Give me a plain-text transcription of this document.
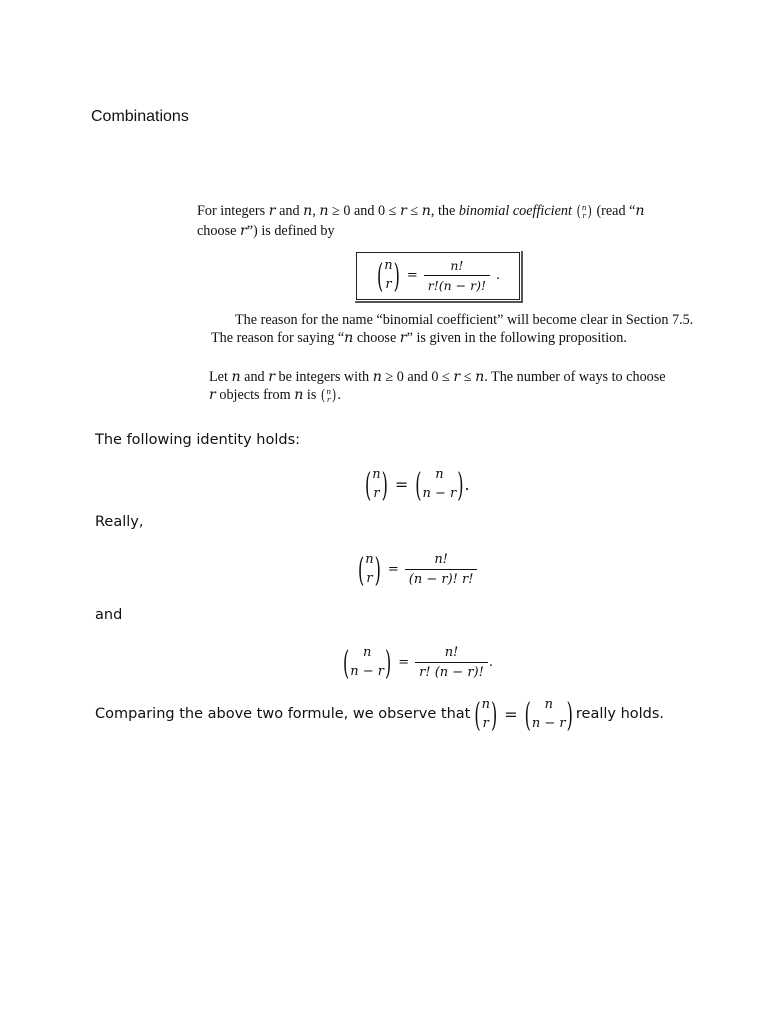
Combinations
For integers r and n, n ≥ 0 and 0 ≤ r ≤ n, the binomial coefficient ( n
r ) (read “n
choose r”) is defined by
( n
r ) = $\frac{n!}{r!(n - r)!}$ .
The reason for the name “binomial coefficient” will become clear in Section 7.5.
The reason for saying “n choose r” is given in the following proposition.
Let n and r be integers with n ≥ 0 and 0 ≤ r ≤ n. The number of ways to choose
r objects from n is ( n
r ) .
The following identity holds:
( n
r ) = ( n
n − r ) .
Really,
( n
r ) = $\frac{n!}{(n - r)! r!}$
and
( n
n − r ) = $\frac{n!}{r! (n - r)!}$ .
Comparing the above two formule, we observe that ( n
r ) = ( n
n − r ) really holds.
